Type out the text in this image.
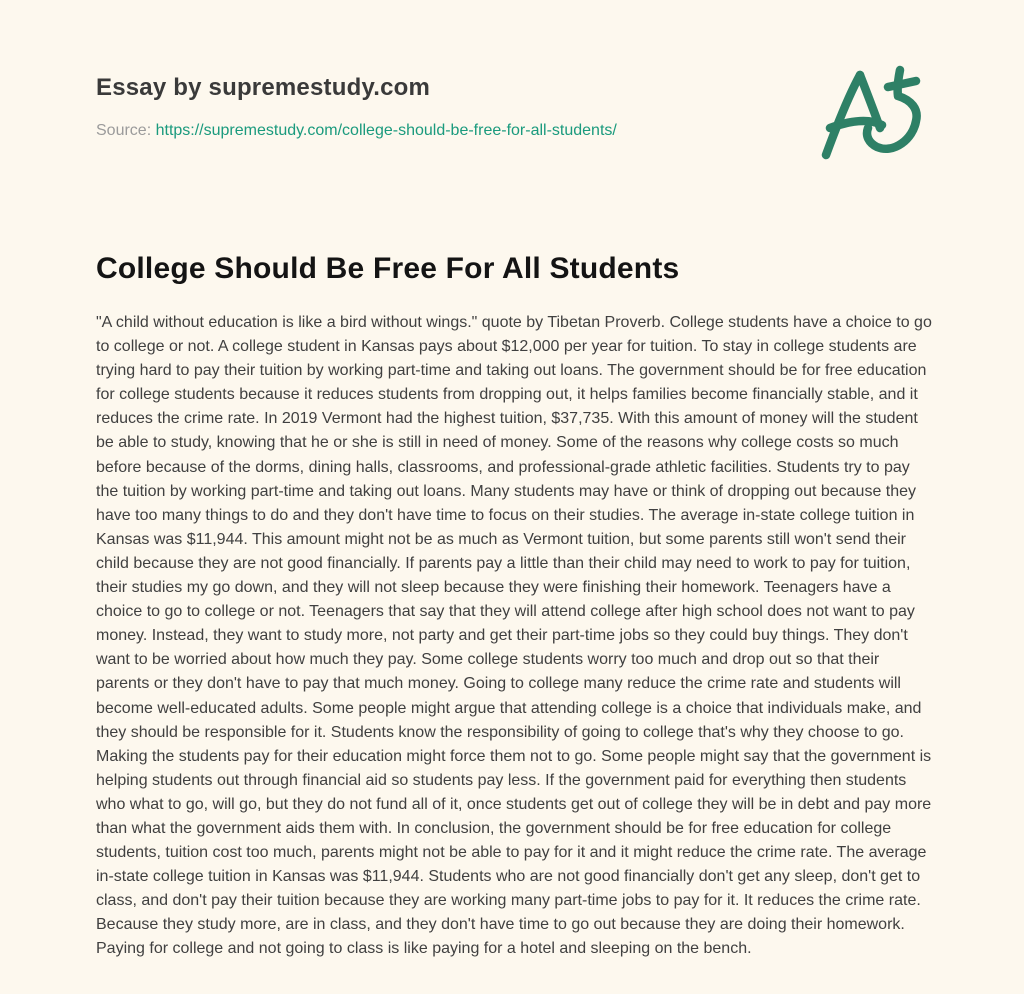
Essay by supremestudy.com
Source: https://supremestudy.com/college-should-be-free-for-all-students/
College Should Be Free For All Students
"A child without education is like a bird without wings." quote by Tibetan Proverb. College students have a choice to go to college or not. A college student in Kansas pays about $12,000 per year for tuition. To stay in college students are trying hard to pay their tuition by working part-time and taking out loans. The government should be for free education for college students because it reduces students from dropping out, it helps families become financially stable, and it reduces the crime rate. In 2019 Vermont had the highest tuition, $37,735. With this amount of money will the student be able to study, knowing that he or she is still in need of money. Some of the reasons why college costs so much before because of the dorms, dining halls, classrooms, and professional-grade athletic facilities. Students try to pay the tuition by working part-time and taking out loans. Many students may have or think of dropping out because they have too many things to do and they don't have time to focus on their studies. The average in-state college tuition in Kansas was $11,944. This amount might not be as much as Vermont tuition, but some parents still won't send their child because they are not good financially. If parents pay a little than their child may need to work to pay for tuition, their studies my go down, and they will not sleep because they were finishing their homework. Teenagers have a choice to go to college or not. Teenagers that say that they will attend college after high school does not want to pay money. Instead, they want to study more, not party and get their part-time jobs so they could buy things. They don't want to be worried about how much they pay. Some college students worry too much and drop out so that their parents or they don't have to pay that much money. Going to college many reduce the crime rate and students will become well-educated adults. Some people might argue that attending college is a choice that individuals make, and they should be responsible for it. Students know the responsibility of going to college that's why they choose to go. Making the students pay for their education might force them not to go. Some people might say that the government is helping students out through financial aid so students pay less. If the government paid for everything then students who what to go, will go, but they do not fund all of it, once students get out of college they will be in debt and pay more than what the government aids them with. In conclusion, the government should be for free education for college students, tuition cost too much, parents might not be able to pay for it and it might reduce the crime rate. The average in-state college tuition in Kansas was $11,944. Students who are not good financially don't get any sleep, don't get to class, and don't pay their tuition because they are working many part-time jobs to pay for it. It reduces the crime rate. Because they study more, are in class, and they don't have time to go out because they are doing their homework. Paying for college and not going to class is like paying for a hotel and sleeping on the bench.
